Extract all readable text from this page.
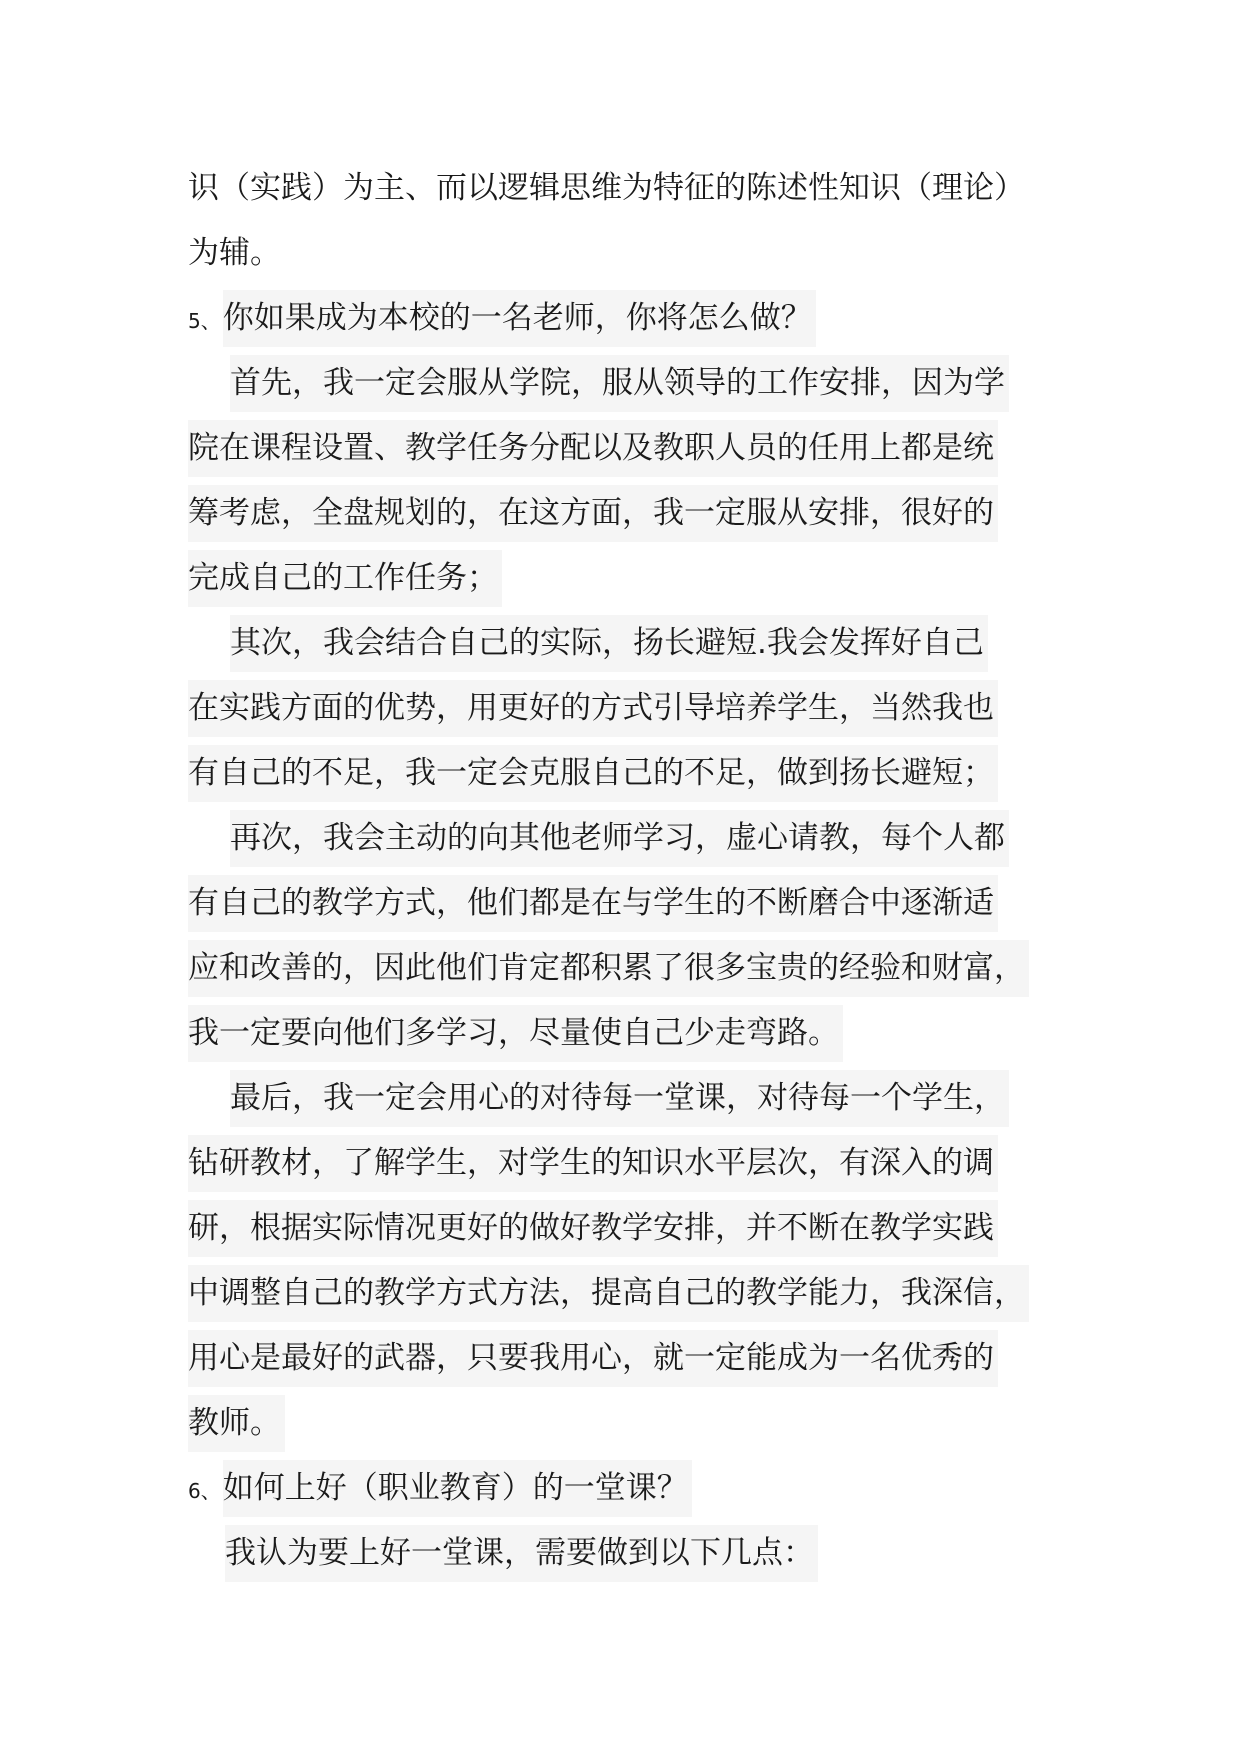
识（实践）为主、而以逻辑思维为特征的陈述性知识（理论）
为辅。
5、你如果成为本校的一名老师，你将怎么做？
首先，我一定会服从学院，服从领导的工作安排，因为学
院在课程设置、教学任务分配以及教职人员的任用上都是统
筹考虑，全盘规划的，在这方面，我一定服从安排，很好的
完成自己的工作任务；
其次，我会结合自己的实际，扬长避短.我会发挥好自己
在实践方面的优势，用更好的方式引导培养学生，当然我也
有自己的不足，我一定会克服自己的不足，做到扬长避短；
再次，我会主动的向其他老师学习，虚心请教，每个人都
有自己的教学方式，他们都是在与学生的不断磨合中逐渐适
应和改善的，因此他们肯定都积累了很多宝贵的经验和财富，
我一定要向他们多学习，尽量使自己少走弯路。
最后，我一定会用心的对待每一堂课，对待每一个学生，
钻研教材，了解学生，对学生的知识水平层次，有深入的调
研，根据实际情况更好的做好教学安排，并不断在教学实践
中调整自己的教学方式方法，提高自己的教学能力，我深信，
用心是最好的武器，只要我用心，就一定能成为一名优秀的
教师。
6、如何上好（职业教育）的一堂课？
我认为要上好一堂课，需要做到以下几点：
